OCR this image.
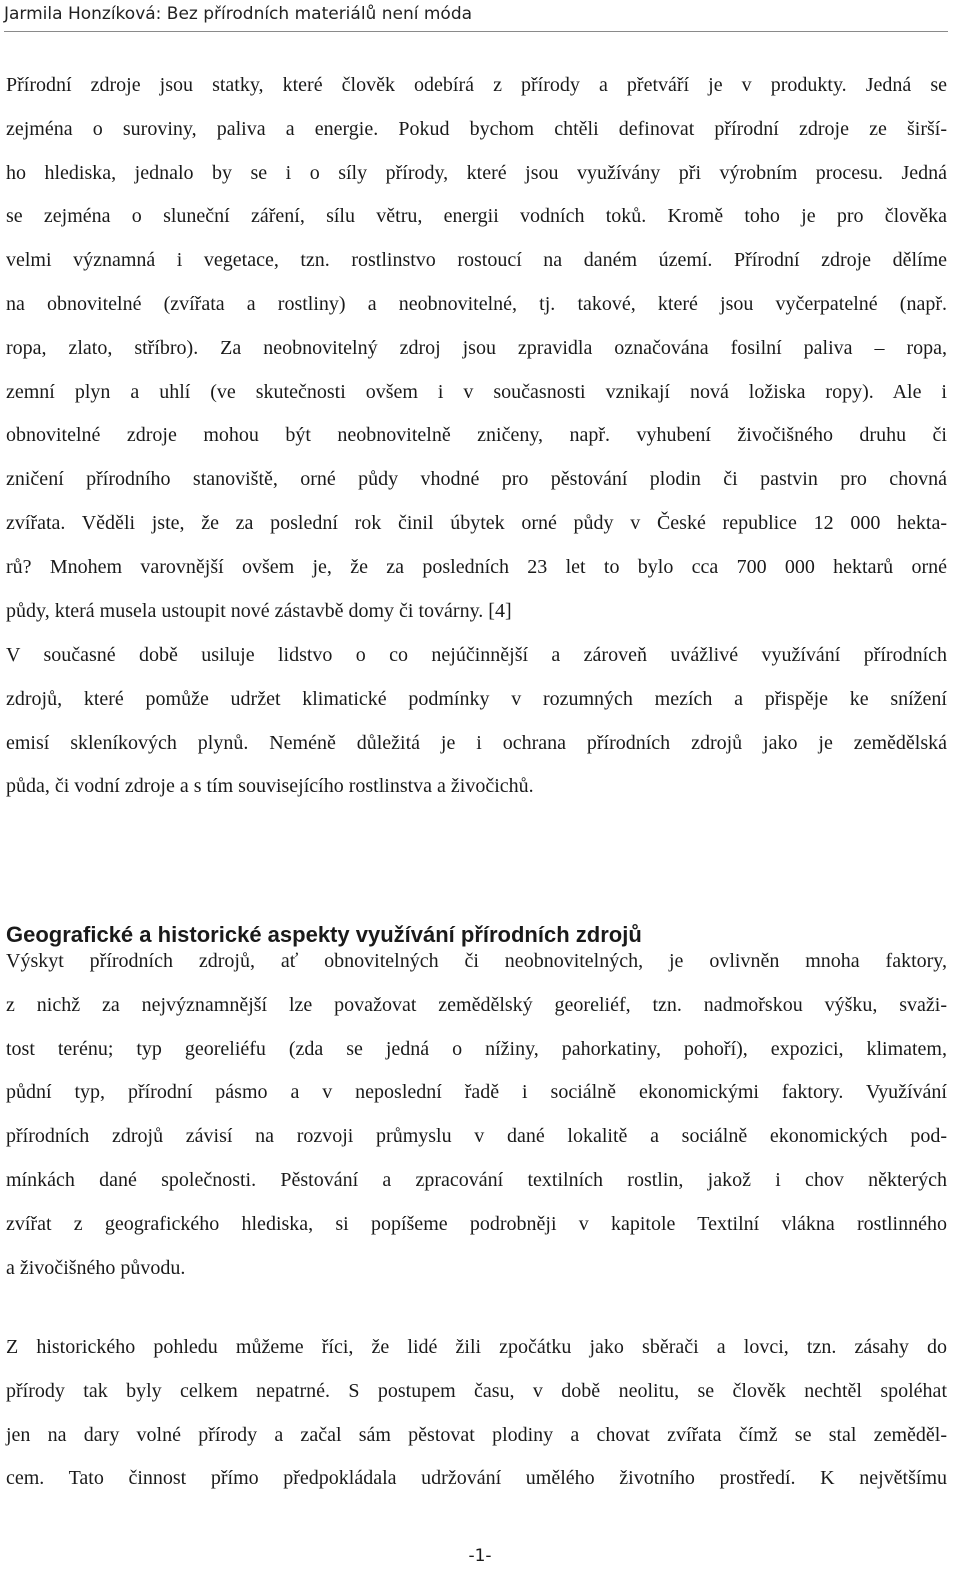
Jarmila Honzíková: Bez přírodních materiálů není móda
Přírodní zdroje jsou statky, které člověk odebírá z přírody a přetváří je v produkty. Jedná se
zejména o suroviny, paliva a energie. Pokud bychom chtěli definovat přírodní zdroje ze širší-
ho hlediska, jednalo by se i o síly přírody, které jsou využívány při výrobním procesu. Jedná
se zejména o sluneční záření, sílu větru, energii vodních toků. Kromě toho je pro člověka
velmi významná i vegetace, tzn. rostlinstvo rostoucí na daném území. Přírodní zdroje dělíme
na obnovitelné (zvířata a rostliny) a neobnovitelné, tj. takové, které jsou vyčerpatelné (např.
ropa, zlato, stříbro). Za neobnovitelný zdroj jsou zpravidla označována fosilní paliva – ropa,
zemní plyn a uhlí (ve skutečnosti ovšem i v současnosti vznikají nová ložiska ropy). Ale i
obnovitelné zdroje mohou být neobnovitelně zničeny, např. vyhubení živočišného druhu či
zničení přírodního stanoviště, orné půdy vhodné pro pěstování plodin či pastvin pro chovná
zvířata. Věděli jste, že za poslední rok činil úbytek orné půdy v České republice 12 000 hekta-
rů? Mnohem varovnější ovšem je, že za posledních 23 let to bylo cca 700 000 hektarů orné
půdy, která musela ustoupit nové zástavbě domy či továrny. [4]
V současné době usiluje lidstvo o co nejúčinnější a zároveň uvážlivé využívání přírodních
zdrojů, které pomůže udržet klimatické podmínky v rozumných mezích a přispěje ke snížení
emisí skleníkových plynů. Neméně důležitá je i ochrana přírodních zdrojů jako je zemědělská
půda, či vodní zdroje a s tím souvisejícího rostlinstva a živočichů.
Geografické a historické aspekty využívání přírodních zdrojů
Výskyt přírodních zdrojů, ať obnovitelných či neobnovitelných, je ovlivněn mnoha faktory,
z nichž za nejvýznamnější lze považovat zemědělský georeliéf, tzn. nadmořskou výšku, svaži-
tost terénu; typ georeliéfu (zda se jedná o nížiny, pahorkatiny, pohoří), expozici, klimatem,
půdní typ, přírodní pásmo a v neposlední řadě i sociálně ekonomickými faktory. Využívání
přírodních zdrojů závisí na rozvoji průmyslu v dané lokalitě a sociálně ekonomických pod-
mínkách dané společnosti. Pěstování a zpracování textilních rostlin, jakož i chov některých
zvířat z geografického hlediska, si popíšeme podrobněji v kapitole Textilní vlákna rostlinného
a živočišného původu.
Z historického pohledu můžeme říci, že lidé žili zpočátku jako sběrači a lovci, tzn. zásahy do
přírody tak byly celkem nepatrné. S postupem času, v době neolitu, se člověk nechtěl spoléhat
jen na dary volné přírody a začal sám pěstovat plodiny a chovat zvířata čímž se stal zeměděl-
cem. Tato činnost přímo předpokládala udržování umělého životního prostředí. K největšímu
-1-
